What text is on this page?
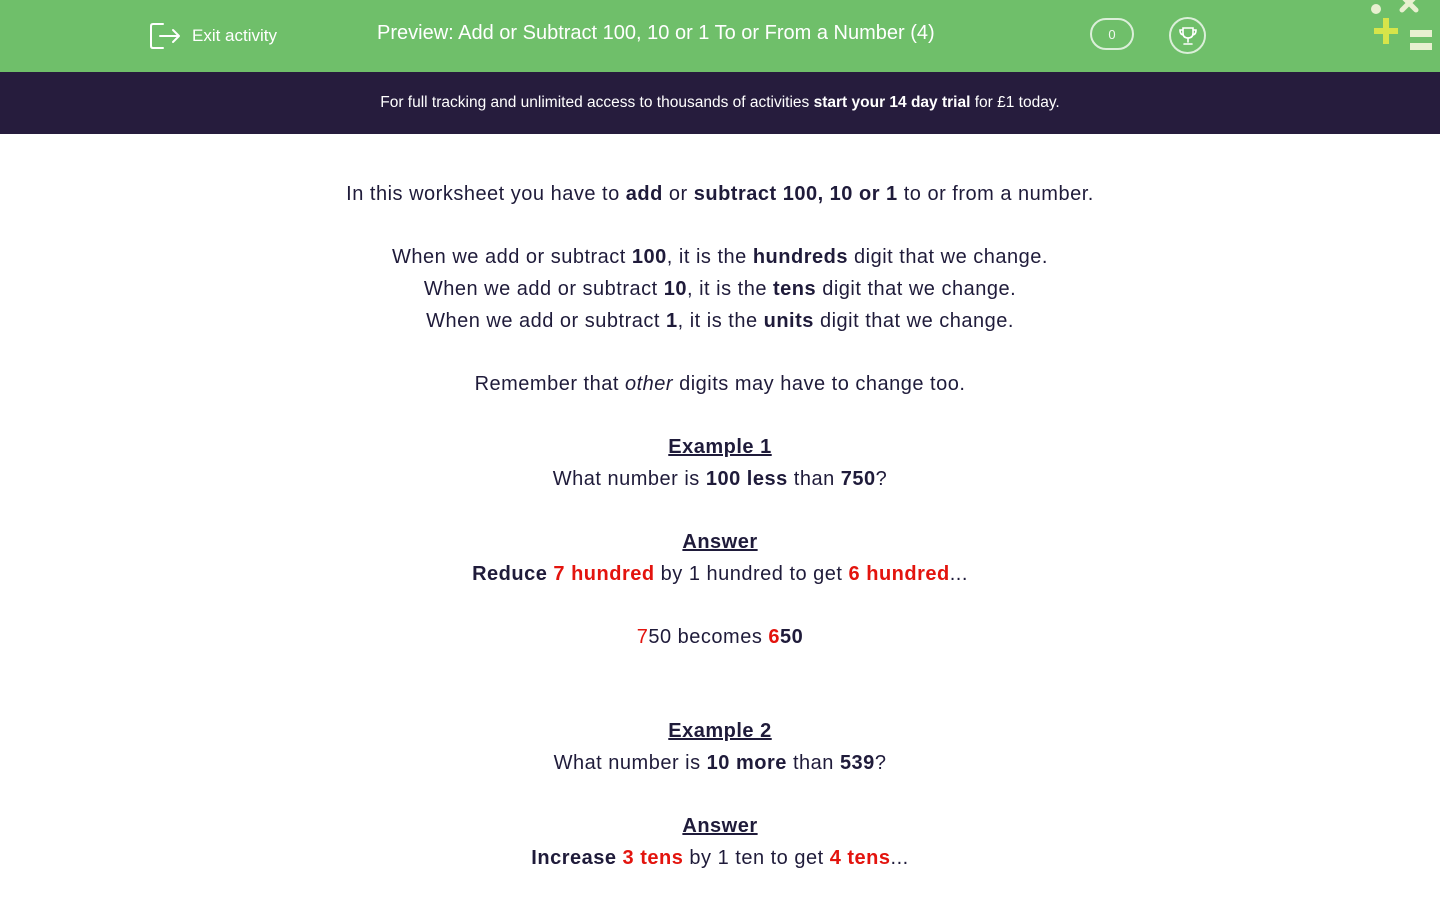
Exit activity	Preview: Add or Subtract 100, 10 or 1 To or From a Number (4)	0
For full tracking and unlimited access to thousands of activities
start your 14 day trial
for £1 today.

In this worksheet you have to add or subtract 100, 10 or 1 to or from a number.

When we add or subtract 100, it is the hundreds digit that we change.

When we add or subtract 10, it is the tens digit that we change.

When we add or subtract 1, it is the units digit that we change.

Remember that other digits may have to change too.

Example 1

What number is 100 less than 750?

Answer

Reduce 7 hundred by 1 hundred to get 6 hundred...

750 becomes 650

Example 2

What number is 10 more than 539?

Answer

Increase 3 tens by 1 ten to get 4 tens...
